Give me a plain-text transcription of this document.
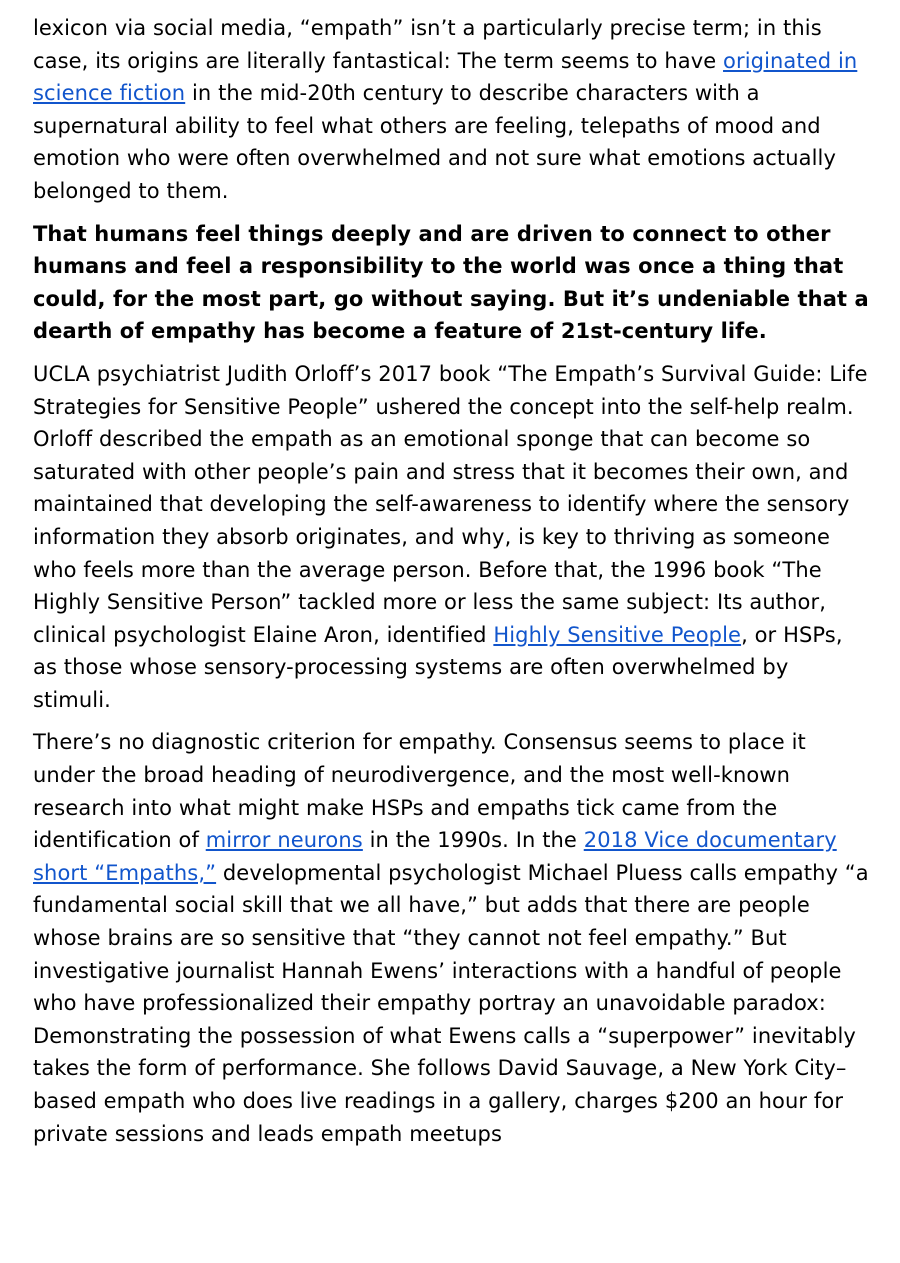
lexicon via social media, “empath” isn’t a particularly precise term; in this case, its origins are literally fantastical: The term seems to have originated in science fiction in the mid-20th century to describe characters with a supernatural ability to feel what others are feeling, telepaths of mood and emotion who were often overwhelmed and not sure what emotions actually belonged to them.

That humans feel things deeply and are driven to connect to other humans and feel a responsibility to the world was once a thing that could, for the most part, go without saying. But it’s undeniable that a dearth of empathy has become a feature of 21st-century life.

UCLA psychiatrist Judith Orloff’s 2017 book “The Empath’s Survival Guide: Life Strategies for Sensitive People” ushered the concept into the self-help realm. Orloff described the empath as an emotional sponge that can become so saturated with other people’s pain and stress that it becomes their own, and maintained that developing the self-awareness to identify where the sensory information they absorb originates, and why, is key to thriving as someone who feels more than the average person. Before that, the 1996 book “The Highly Sensitive Person” tackled more or less the same subject: Its author, clinical psychologist Elaine Aron, identified Highly Sensitive People, or HSPs, as those whose sensory-processing systems are often overwhelmed by stimuli.

There’s no diagnostic criterion for empathy. Consensus seems to place it under the broad heading of neurodivergence, and the most well-known research into what might make HSPs and empaths tick came from the identification of mirror neurons in the 1990s. In the 2018 Vice documentary short “Empaths,” developmental psychologist Michael Pluess calls empathy “a fundamental social skill that we all have,” but adds that there are people whose brains are so sensitive that “they cannot not feel empathy.” But investigative journalist Hannah Ewens’ interactions with a handful of people who have professionalized their empathy portray an unavoidable paradox: Demonstrating the possession of what Ewens calls a “superpower” inevitably takes the form of performance. She follows David Sauvage, a New York City–based empath who does live readings in a gallery, charges $200 an hour for private sessions and leads empath meetups
